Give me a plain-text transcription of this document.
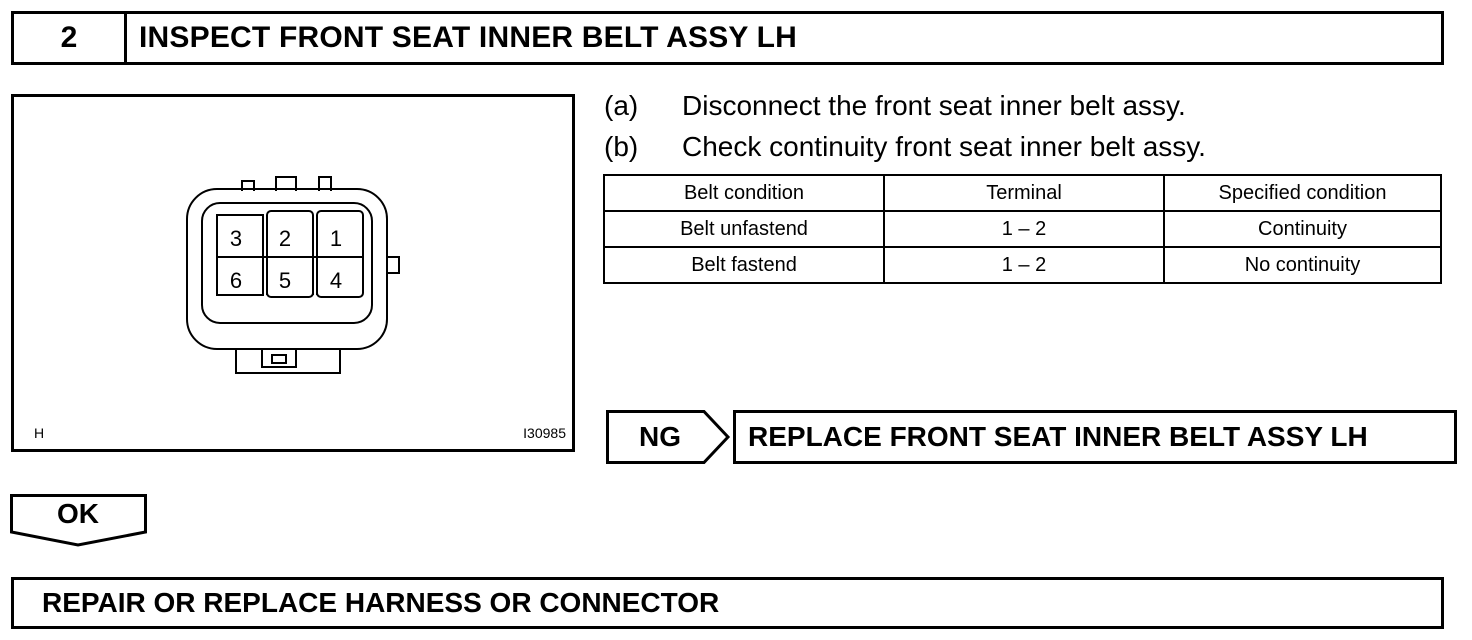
2	INSPECT FRONT SEAT INNER BELT ASSY LH
3 2 1
6 5 4
H	I30985
(a)	Disconnect the front seat inner belt assy.
(b)	Check continuity front seat inner belt assy.
Belt condition	Terminal	Specified condition
Belt unfastend	1 – 2	Continuity
Belt fastend	1 – 2	No continuity
NG	REPLACE FRONT SEAT INNER BELT ASSY LH
OK
REPAIR OR REPLACE HARNESS OR CONNECTOR
